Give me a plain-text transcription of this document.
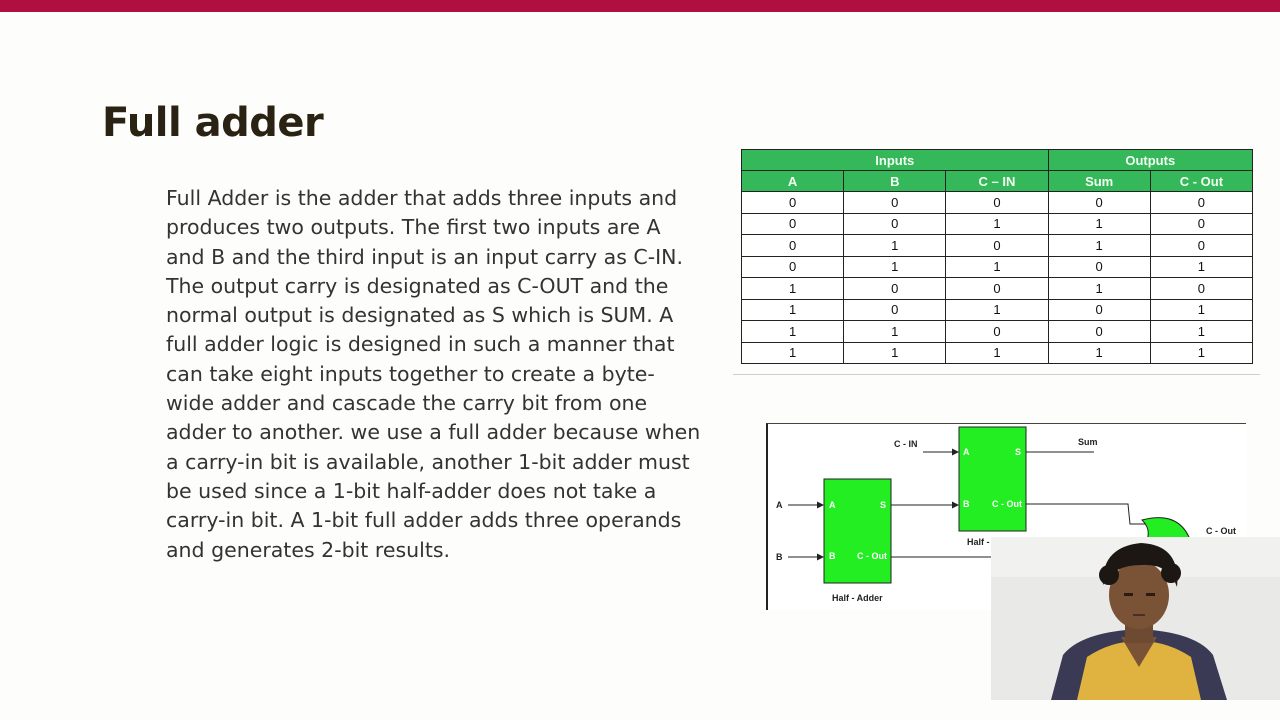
Full adder
Full Adder is the adder that adds three inputs and produces two outputs. The first two inputs are A and B and the third input is an input carry as C-IN. The output carry is designated as C-OUT and the normal output is designated as S which is SUM. A full adder logic is designed in such a manner that can take eight inputs together to create a byte-wide adder and cascade the carry bit from one adder to another. we use a full adder because when a carry-in bit is available, another 1-bit adder must be used since a 1-bit half-adder does not take a carry-in bit. A 1-bit full adder adds three operands and generates 2-bit results.
Inputs			Outputs	
A	B	C – IN	Sum	C - Out
0	0	0	0	0
0	0	1	1	0
0	1	0	1	0
0	1	1	0	1
1	0	0	1	0
1	0	1	0	1
1	1	0	0	1
1	1	1	1	1
A	S
B C - Out
Half - Adder
A	S
B	C - Out
Half -
A
B
C - IN	Sum
C - Out
